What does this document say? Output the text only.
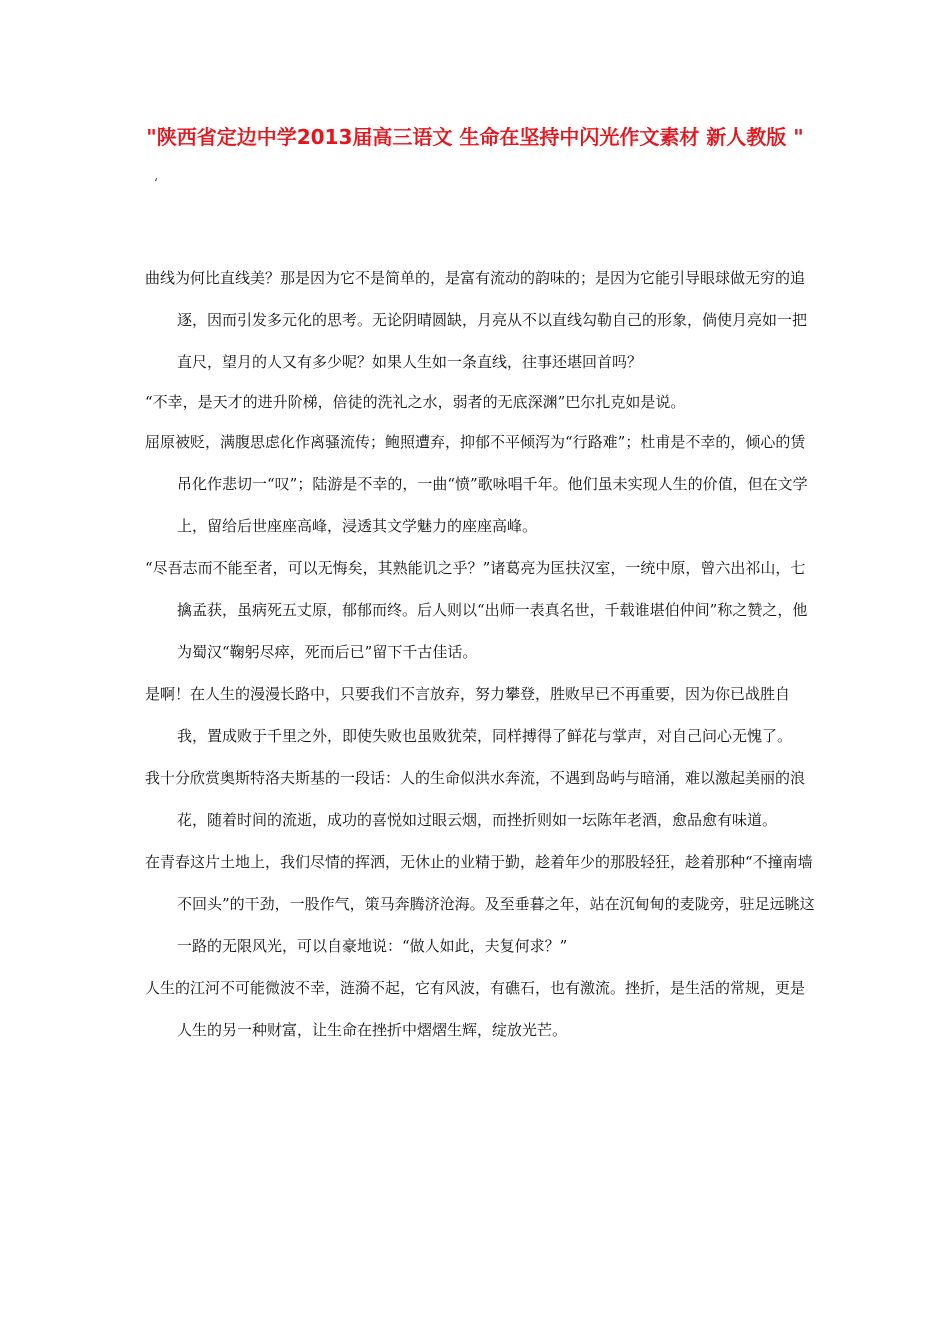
"陕西省定边中学2013届高三语文 生命在坚持中闪光作文素材 新人教版 "
‘

曲线为何比直线美？那是因为它不是简单的，是富有流动的韵味的；是因为它能引导眼球做无穷的追逐，因而引发多元化的思考。无论阴晴圆缺，月亮从不以直线勾勒自己的形象，倘使月亮如一把直尺，望月的人又有多少呢？如果人生如一条直线，往事还堪回首吗？

“不幸，是天才的进升阶梯，倍徒的洗礼之水，弱者的无底深渊”巴尔扎克如是说。

屈原被贬，满腹思虑化作离骚流传；鲍照遭弃，抑郁不平倾泻为“行路难”；杜甫是不幸的，倾心的赁吊化作悲切一“叹”；陆游是不幸的，一曲“愤”歌咏唱千年。他们虽未实现人生的价值，但在文学上，留给后世座座高峰，浸透其文学魅力的座座高峰。

“尽吾志而不能至者，可以无悔矣，其熟能讥之乎？”诸葛亮为匡扶汉室，一统中原，曾六出祁山，七擒孟获，虽病死五丈原，郁郁而终。后人则以“出师一表真名世，千载谁堪伯仲间”称之赞之，他为蜀汉“鞠躬尽瘁，死而后已”留下千古佳话。

是啊！在人生的漫漫长路中，只要我们不言放弃，努力攀登，胜败早已不再重要，因为你已战胜自我，置成败于千里之外，即使失败也虽败犹荣，同样搏得了鲜花与掌声，对自己问心无愧了。

我十分欣赏奥斯特洛夫斯基的一段话：人的生命似洪水奔流，不遇到岛屿与暗涌，难以激起美丽的浪花，随着时间的流逝，成功的喜悦如过眼云烟，而挫折则如一坛陈年老酒，愈品愈有味道。

在青春这片土地上，我们尽情的挥洒，无休止的业精于勤，趁着年少的那股轻狂，趁着那种“不撞南墙不回头”的干劲，一股作气，策马奔腾济沧海。及至垂暮之年，站在沉甸甸的麦陇旁，驻足远眺这一路的无限风光，可以自豪地说：“做人如此，夫复何求？”

人生的江河不可能微波不幸，涟漪不起，它有风波，有礁石，也有激流。挫折，是生活的常规，更是人生的另一种财富，让生命在挫折中熠熠生辉，绽放光芒。
